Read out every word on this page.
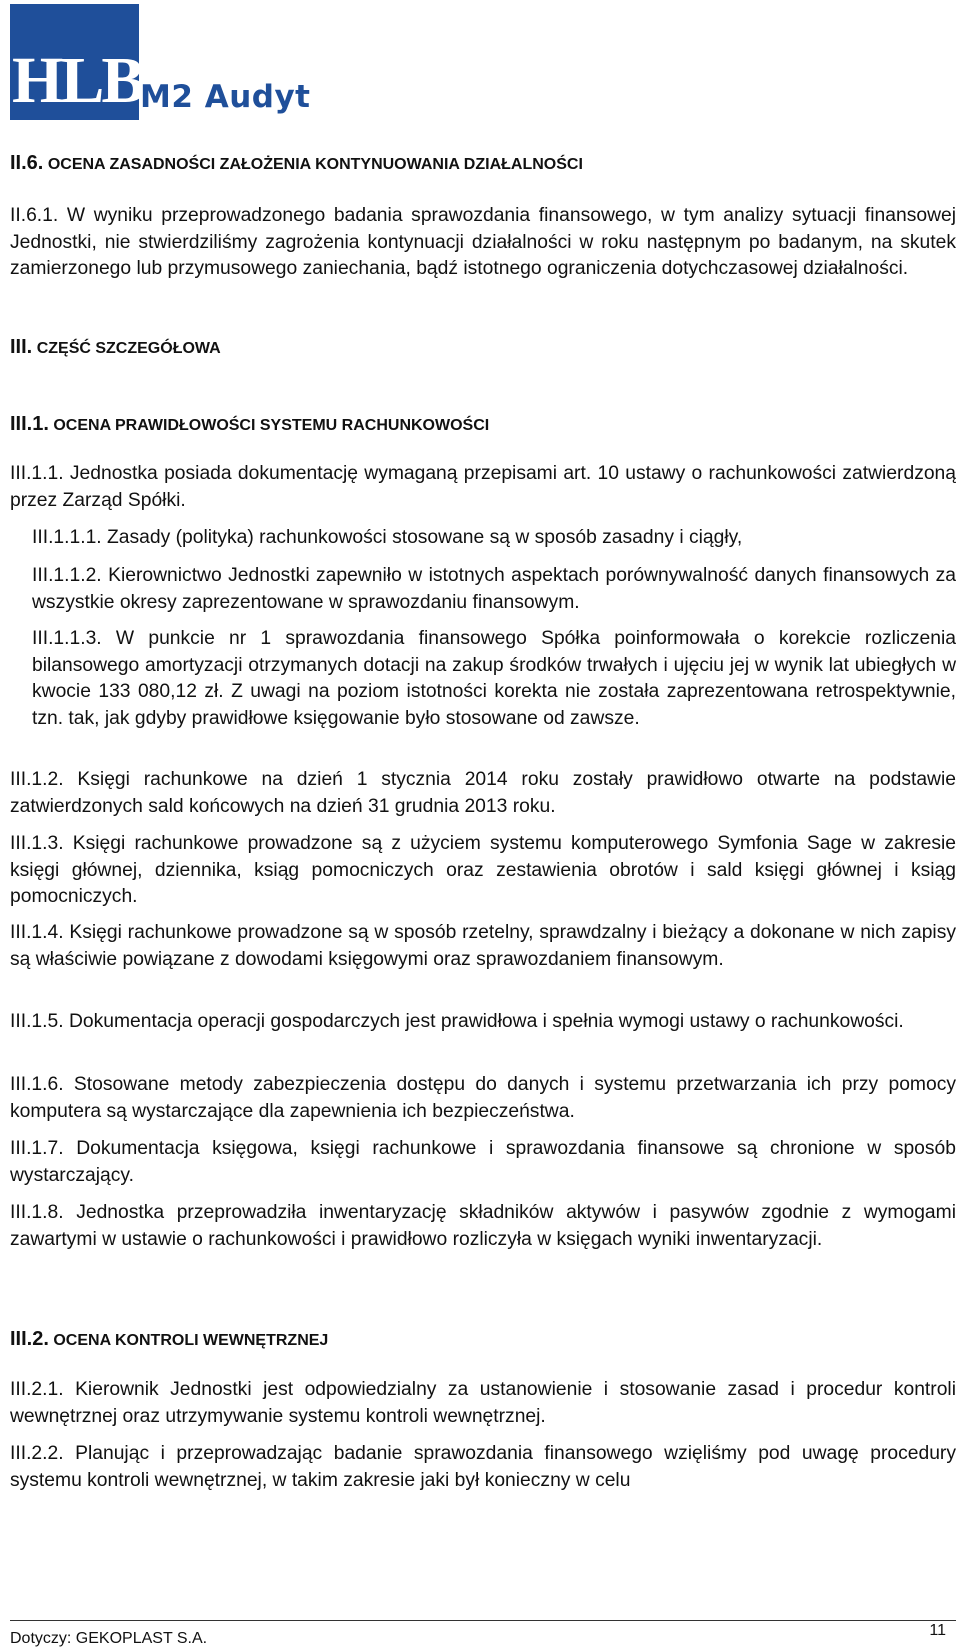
HLB
M2 Audyt
II.6. OCENA ZASADNOŚCI ZAŁOŻENIA KONTYNUOWANIA DZIAŁALNOŚCI
II.6.1. W wyniku przeprowadzonego badania sprawozdania finansowego, w tym analizy sytuacji finansowej Jednostki, nie stwierdziliśmy zagrożenia kontynuacji działalności w roku następnym po badanym, na skutek zamierzonego lub przymusowego zaniechania, bądź istotnego ograniczenia dotychczasowej działalności.
III. CZĘŚĆ SZCZEGÓŁOWA
III.1. OCENA PRAWIDŁOWOŚCI SYSTEMU RACHUNKOWOŚCI
III.1.1. Jednostka posiada dokumentację wymaganą przepisami art. 10 ustawy o rachunkowości zatwierdzoną przez Zarząd Spółki.
III.1.1.1. Zasady (polityka) rachunkowości stosowane są w sposób zasadny i ciągły,
III.1.1.2. Kierownictwo Jednostki zapewniło w istotnych aspektach porównywalność danych finansowych za wszystkie okresy zaprezentowane w sprawozdaniu finansowym.
III.1.1.3. W punkcie nr 1 sprawozdania finansowego Spółka poinformowała o korekcie rozliczenia bilansowego amortyzacji otrzymanych dotacji na zakup środków trwałych i ujęciu jej w wynik lat ubiegłych w kwocie 133 080,12 zł. Z uwagi na poziom istotności korekta nie została zaprezentowana retrospektywnie, tzn. tak, jak gdyby prawidłowe księgowanie było stosowane od zawsze.
III.1.2. Księgi rachunkowe na dzień 1 stycznia 2014 roku zostały prawidłowo otwarte na podstawie zatwierdzonych sald końcowych na dzień 31 grudnia 2013 roku.
III.1.3. Księgi rachunkowe prowadzone są z użyciem systemu komputerowego Symfonia Sage w zakresie księgi głównej, dziennika, ksiąg pomocniczych oraz zestawienia obrotów i sald księgi głównej i ksiąg pomocniczych.
III.1.4. Księgi rachunkowe prowadzone są w sposób rzetelny, sprawdzalny i bieżący a dokonane w nich zapisy są właściwie powiązane z dowodami księgowymi oraz sprawozdaniem finansowym.
III.1.5. Dokumentacja operacji gospodarczych jest prawidłowa i spełnia wymogi ustawy o rachunkowości.
III.1.6. Stosowane metody zabezpieczenia dostępu do danych i systemu przetwarzania ich przy pomocy komputera są wystarczające dla zapewnienia ich bezpieczeństwa.
III.1.7. Dokumentacja księgowa, księgi rachunkowe i sprawozdania finansowe są chronione w sposób wystarczający.
III.1.8. Jednostka przeprowadziła inwentaryzację składników aktywów i pasywów zgodnie z wymogami zawartymi w ustawie o rachunkowości i prawidłowo rozliczyła w księgach wyniki inwentaryzacji.
III.2. OCENA KONTROLI WEWNĘTRZNEJ
III.2.1. Kierownik Jednostki jest odpowiedzialny za ustanowienie i stosowanie zasad i procedur kontroli wewnętrznej oraz utrzymywanie systemu kontroli wewnętrznej.
III.2.2. Planując i przeprowadzając badanie sprawozdania finansowego wzięliśmy pod uwagę procedury systemu kontroli wewnętrznej, w takim zakresie jaki był konieczny w celu
Dotyczy: GEKOPLAST S.A.	11
